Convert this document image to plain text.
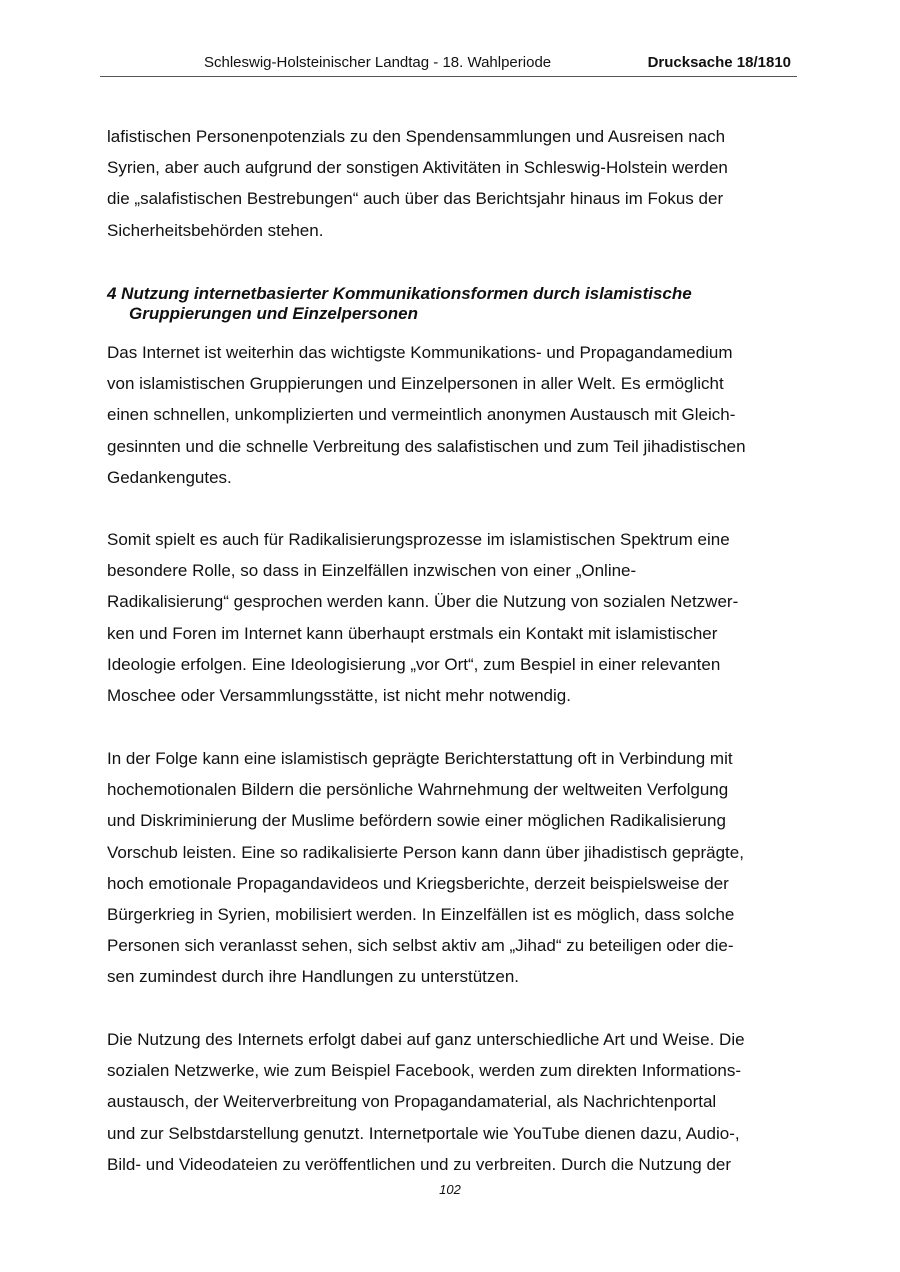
Schleswig-Holsteinischer Landtag - 18. Wahlperiode	Drucksache 18/1810

lafistischen Personenpotenzials zu den Spendensammlungen und Ausreisen nach
Syrien, aber auch aufgrund der sonstigen Aktivitäten in Schleswig-Holstein werden
die „salafistischen Bestrebungen“ auch über das Berichtsjahr hinaus im Fokus der
Sicherheitsbehörden stehen.

4 Nutzung internetbasierter Kommunikationsformen durch islamistische
Gruppierungen und Einzelpersonen

Das Internet ist weiterhin das wichtigste Kommunikations- und Propagandamedium
von islamistischen Gruppierungen und Einzelpersonen in aller Welt. Es ermöglicht
einen schnellen, unkomplizierten und vermeintlich anonymen Austausch mit Gleich-
gesinnten und die schnelle Verbreitung des salafistischen und zum Teil jihadistischen
Gedankengutes.

Somit spielt es auch für Radikalisierungsprozesse im islamistischen Spektrum eine
besondere Rolle, so dass in Einzelfällen inzwischen von einer „Online-
Radikalisierung“ gesprochen werden kann. Über die Nutzung von sozialen Netzwer-
ken und Foren im Internet kann überhaupt erstmals ein Kontakt mit islamistischer
Ideologie erfolgen. Eine Ideologisierung „vor Ort“, zum Bespiel in einer relevanten
Moschee oder Versammlungsstätte, ist nicht mehr notwendig.

In der Folge kann eine islamistisch geprägte Berichterstattung oft in Verbindung mit
hochemotionalen Bildern die persönliche Wahrnehmung der weltweiten Verfolgung
und Diskriminierung der Muslime befördern sowie einer möglichen Radikalisierung
Vorschub leisten. Eine so radikalisierte Person kann dann über jihadistisch geprägte,
hoch emotionale Propagandavideos und Kriegsberichte, derzeit beispielsweise der
Bürgerkrieg in Syrien, mobilisiert werden. In Einzelfällen ist es möglich, dass solche
Personen sich veranlasst sehen, sich selbst aktiv am „Jihad“ zu beteiligen oder die-
sen zumindest durch ihre Handlungen zu unterstützen.

Die Nutzung des Internets erfolgt dabei auf ganz unterschiedliche Art und Weise. Die
sozialen Netzwerke, wie zum Beispiel Facebook, werden zum direkten Informations-
austausch, der Weiterverbreitung von Propagandamaterial, als Nachrichtenportal
und zur Selbstdarstellung genutzt. Internetportale wie YouTube dienen dazu, Audio-,
Bild- und Videodateien zu veröffentlichen und zu verbreiten. Durch die Nutzung der

102
